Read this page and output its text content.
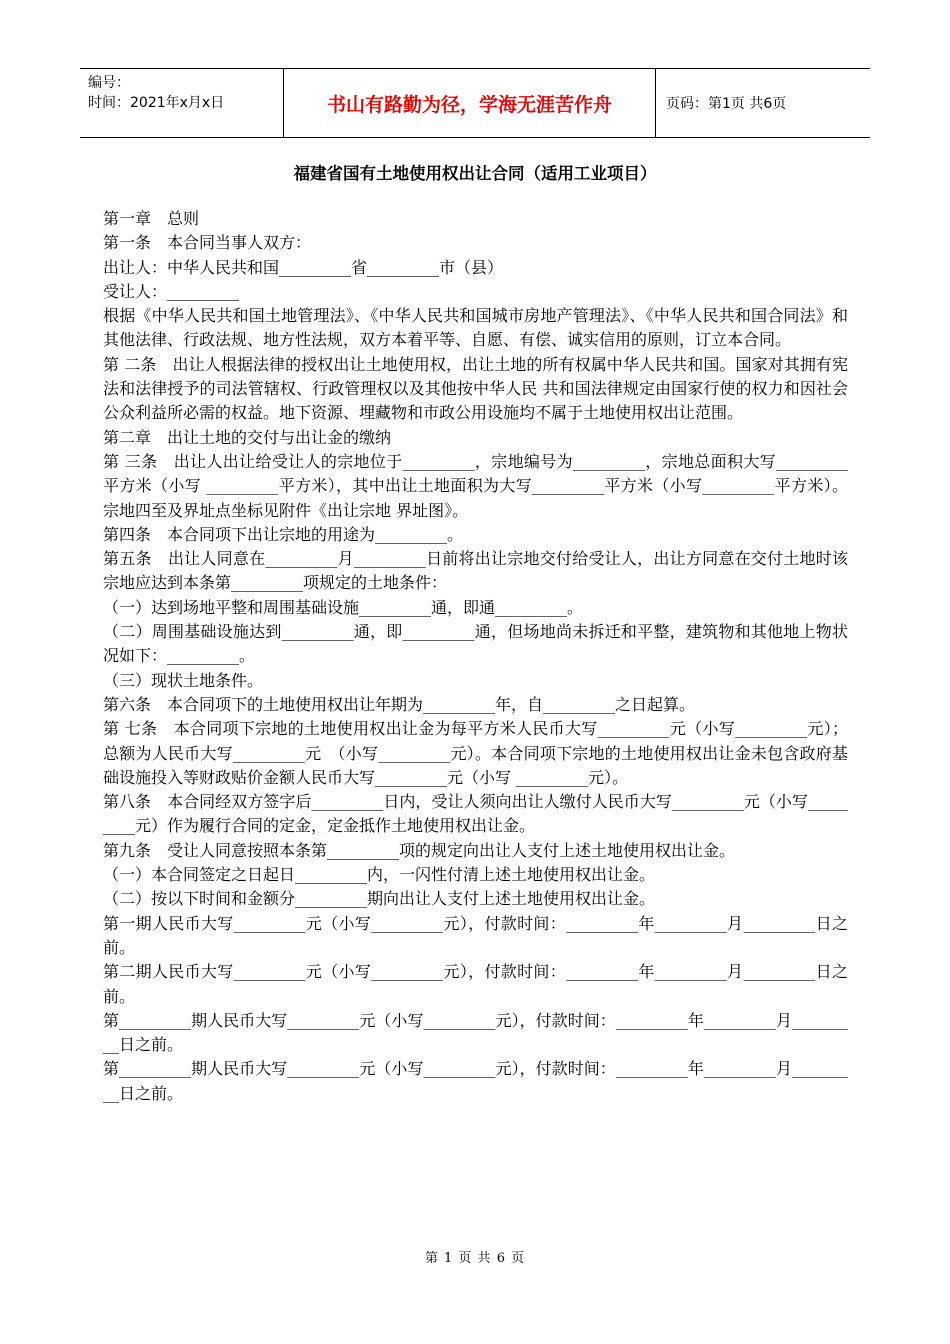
编号：
时间：2021年x月x日	书山有路勤为径，学海无涯苦作舟	页码：第1页 共6页
福建省国有土地使用权出让合同（适用工业项目）

第一章　总则

第一条　本合同当事人双方：

出让人：中华人民共和国_________省_________市（县）

受让人：_________

根据《中华人民共和国土地管理法》、《中华人民共和国城市房地产管理法》、《中华人民共和国合同法》和其他法律、行政法规、地方性法规，双方本着平等、自愿、有偿、诚实信用的原则，订立本合同。

第 二条　出让人根据法律的授权出让土地使用权，出让土地的所有权属中华人民共和国。国家对其拥有宪法和法律授予的司法管辖权、行政管理权以及其他按中华人民 共和国法律规定由国家行使的权力和因社会公众利益所必需的权益。地下资源、埋藏物和市政公用设施均不属于土地使用权出让范围。

第二章　出让土地的交付与出让金的缴纳

第 三条　出让人出让给受让人的宗地位于_________，宗地编号为_________，宗地总面积大写_________平方米（小写 _________平方米），其中出让土地面积为大写_________平方米（小写_________平方米）。宗地四至及界址点坐标见附件《出让宗地 界址图》。

第四条　本合同项下出让宗地的用途为_________。

第五条　出让人同意在_________月_________日前将出让宗地交付给受让人，出让方同意在交付土地时该宗地应达到本条第_________项规定的土地条件：

（一）达到场地平整和周围基础设施_________通，即通_________。

（二）周围基础设施达到_________通，即_________通，但场地尚未拆迁和平整，建筑物和其他地上物状况如下：_________。

（三）现状土地条件。

第六条　本合同项下的土地使用权出让年期为_________年，自_________之日起算。

第 七条　本合同项下宗地的土地使用权出让金为每平方米人民币大写_________元（小写_________元）；总额为人民币大写_________元　（小写_________元）。本合同项下宗地的土地使用权出让金未包含政府基础设施投入等财政贴价金额人民币大写_________元（小写 _________元）。

第八条　本合同经双方签字后_________日内，受让人须向出让人缴付人民币大写_________元（小写_________元）作为履行合同的定金，定金抵作土地使用权出让金。

第九条　受让人同意按照本条第_________项的规定向出让人支付上述土地使用权出让金。

（一）本合同签定之日起日_________内，一闪性付清上述土地使用权出让金。

（二）按以下时间和金额分_________期向出让人支付上述土地使用权出让金。

第一期人民币大写_________元（小写_________元），付款时间：_________年_________月_________日之前。

第二期人民币大写_________元（小写_________元），付款时间：_________年_________月_________日之前。

第_________期人民币大写_________元（小写_________元），付款时间：_________年_________月_________日之前。

第_________期人民币大写_________元（小写_________元），付款时间：_________年_________月_________日之前。

第 1 页 共 6 页
